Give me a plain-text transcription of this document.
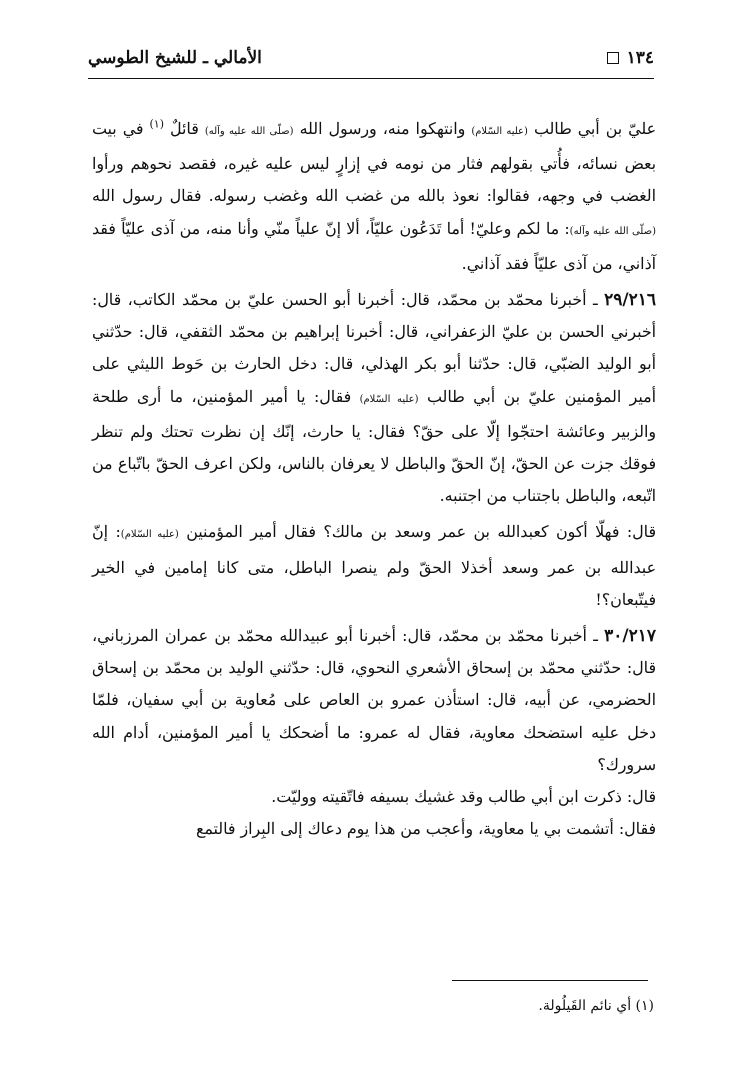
١٣٤
الأمالي ـ للشيخ الطوسي

عليّ بن أبي طالب (عليه السّلام) وانتهكوا منه، ورسول الله (صلّى الله عليه وآله) قائلٌ $^{(١)}$ في بيت بعض نسائه، فأُتي بقولهم فثار من نومه في إزارٍ ليس عليه غيره، فقصد نحوهم ورأوا الغضب في وجهه، فقالوا: نعوذ بالله من غضب الله وغضب رسوله. فقال رسول الله (صلّى الله عليه وآله): ما لكم وعليّ! أما تَدَعُون عليّاً، ألا إنّ علياً منّي وأنا منه، من آذى عليّاً فقد آذاني، من آذى عليّاً فقد آذاني.

٢٩/٢١٦ ـ أخبرنا محمّد بن محمّد، قال: أخبرنا أبو الحسن عليّ بن محمّد الكاتب، قال: أخبرني الحسن بن عليّ الزعفراني، قال: أخبرنا إبراهيم بن محمّد الثقفي، قال: حدّثني أبو الوليد الضبّي، قال: حدّثنا أبو بكر الهذلي، قال: دخل الحارث بن حَوط الليثي على أمير المؤمنين عليّ بن أبي طالب (عليه السّلام) فقال: يا أمير المؤمنين، ما أرى طلحة والزبير وعائشة احتجّوا إلّا على حقّ؟ فقال: يا حارث، إنّك إن نظرت تحتك ولم تنظر فوقك جزت عن الحقّ، إنّ الحقّ والباطل لا يعرفان بالناس، ولكن اعرف الحقّ باتّباع من اتّبعه، والباطل باجتناب من اجتنبه.

قال: فهلّا أكون كعبدالله بن عمر وسعد بن مالك؟ فقال أمير المؤمنين (عليه السّلام): إنّ عبدالله بن عمر وسعد أخذلا الحقّ ولم ينصرا الباطل، متى كانا إمامين في الخير فيتّبعان؟!

٣٠/٢١٧ ـ أخبرنا محمّد بن محمّد، قال: أخبرنا أبو عبيدالله محمّد بن عمران المرزباني، قال: حدّثني محمّد بن إسحاق الأشعري النحوي، قال: حدّثني الوليد بن محمّد بن إسحاق الحضرمي، عن أبيه، قال: استأذن عمرو بن العاص على مُعاوية بن أبي سفيان، فلمّا دخل عليه استضحك معاوية، فقال له عمرو: ما أضحكك يا أمير المؤمنين، أدام الله سرورك؟

قال: ذكرت ابن أبي طالب وقد غشيك بسيفه فاتّقيته ووليّت.

فقال: أتشمت بي يا معاوية، وأعجب من هذا يوم دعاك إلى البِراز فالتمع

(١) أي نائم القَيلُولة.
